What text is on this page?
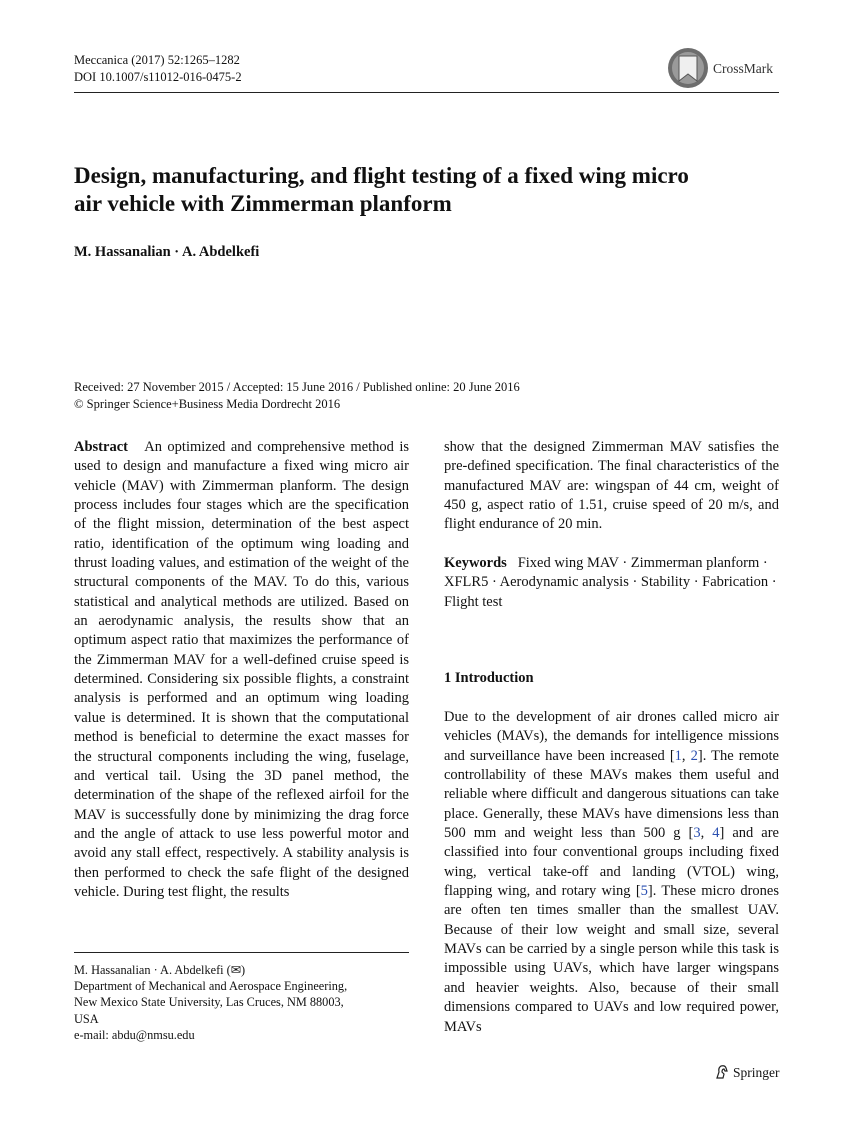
Meccanica (2017) 52:1265–1282
DOI 10.1007/s11012-016-0475-2
CrossMark
Design, manufacturing, and flight testing of a fixed wing micro air vehicle with Zimmerman planform
M. Hassanalian · A. Abdelkefi
Received: 27 November 2015 / Accepted: 15 June 2016 / Published online: 20 June 2016
© Springer Science+Business Media Dordrecht 2016

Abstract An optimized and comprehensive method is used to design and manufacture a fixed wing micro air vehicle (MAV) with Zimmerman planform. The design process includes four stages which are the specification of the flight mission, determination of the best aspect ratio, identification of the optimum wing loading and thrust loading values, and estimation of the weight of the structural components of the MAV. To do this, various statistical and analytical methods are utilized. Based on an aerodynamic analysis, the results show that an optimum aspect ratio that maximizes the performance of the Zimmerman MAV for a well-defined cruise speed is determined. Considering six possible flights, a constraint analysis is performed and an optimum wing loading value is determined. It is shown that the computational method is beneficial to determine the exact masses for the structural components including the wing, fuselage, and vertical tail. Using the 3D panel method, the determination of the shape of the reflexed airfoil for the MAV is successfully done by minimizing the drag force and the angle of attack to use less powerful motor and avoid any stall effect, respectively. A stability analysis is then performed to check the safe flight of the designed vehicle. During test flight, the results

show that the designed Zimmerman MAV satisfies the pre-defined specification. The final characteristics of the manufactured MAV are: wingspan of 44 cm, weight of 450 g, aspect ratio of 1.51, cruise speed of 20 m/s, and flight endurance of 20 min.

Keywords Fixed wing MAV · Zimmerman planform · XFLR5 · Aerodynamic analysis · Stability · Fabrication · Flight test
1 Introduction

Due to the development of air drones called micro air vehicles (MAVs), the demands for intelligence missions and surveillance have been increased [1, 2]. The remote controllability of these MAVs makes them useful and reliable where difficult and dangerous situations can take place. Generally, these MAVs have dimensions less than 500 mm and weight less than 500 g [3, 4] and are classified into four conventional groups including fixed wing, vertical take-off and landing (VTOL) wing, flapping wing, and rotary wing [5]. These micro drones are often ten times smaller than the smallest UAV. Because of their low weight and small size, several MAVs can be carried by a single person while this task is impossible using UAVs, which have larger wingspans and heavier weights. Also, because of their small dimensions compared to UAVs and low required power, MAVs

M. Hassanalian · A. Abdelkefi (✉)
Department of Mechanical and Aerospace Engineering,
New Mexico State University, Las Cruces, NM 88003,
USA
e-mail: abdu@nmsu.edu
Springer
